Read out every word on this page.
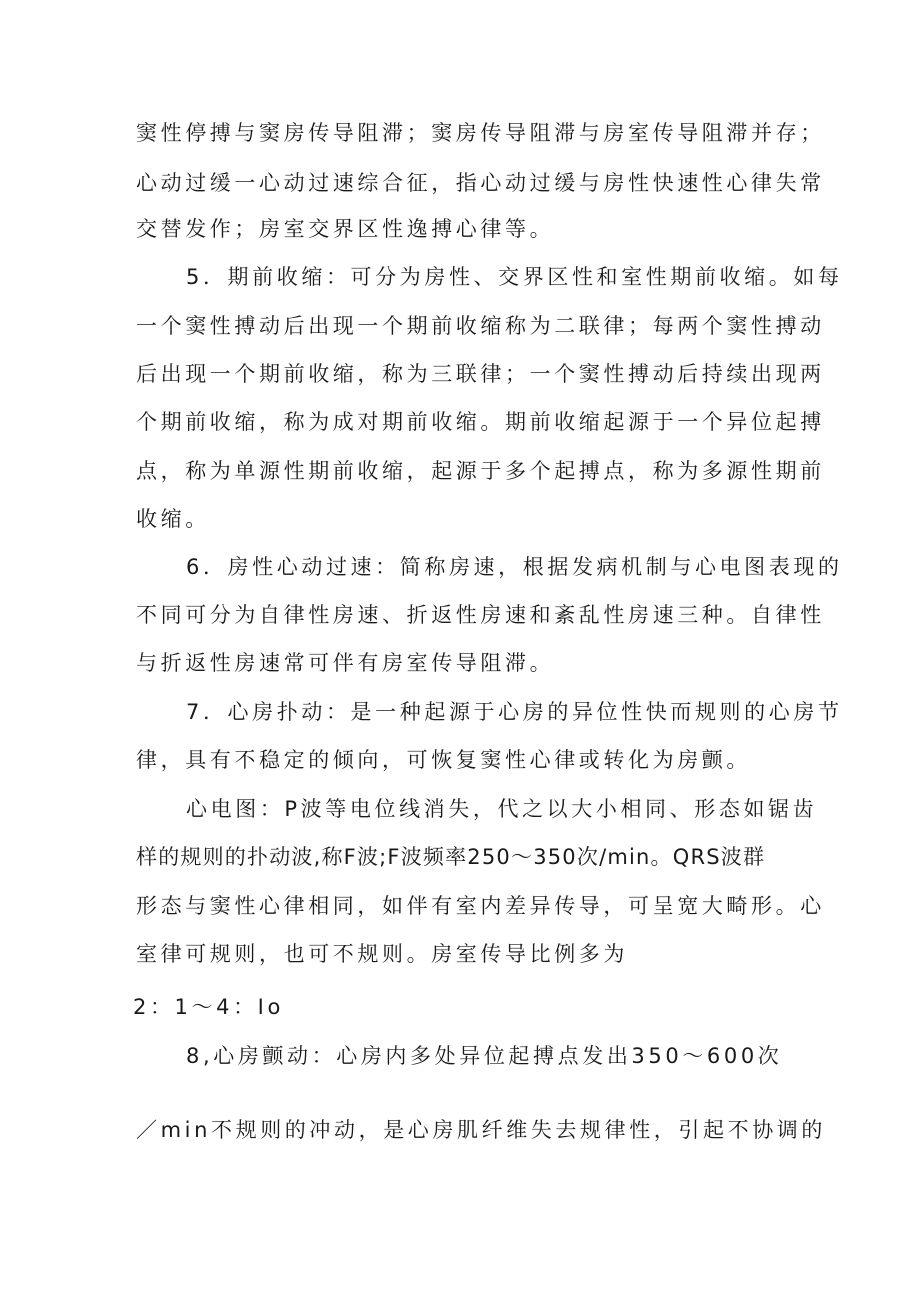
窦性停搏与窦房传导阻滞；窦房传导阻滞与房室传导阻滞并存；
心动过缓一心动过速综合征，指心动过缓与房性快速性心律失常
交替发作；房室交界区性逸搏心律等。
5．期前收缩：可分为房性、交界区性和室性期前收缩。如每
一个窦性搏动后出现一个期前收缩称为二联律；每两个窦性搏动
后出现一个期前收缩，称为三联律；一个窦性搏动后持续出现两
个期前收缩，称为成对期前收缩。期前收缩起源于一个异位起搏
点，称为单源性期前收缩，起源于多个起搏点，称为多源性期前
收缩。
6．房性心动过速：简称房速，根据发病机制与心电图表现的
不同可分为自律性房速、折返性房速和紊乱性房速三种。自律性
与折返性房速常可伴有房室传导阻滞。
7．心房扑动：是一种起源于心房的异位性快而规则的心房节
律，具有不稳定的倾向，可恢复窦性心律或转化为房颤。
心电图：P波等电位线消失，代之以大小相同、形态如锯齿
样的规则的扑动波,称F波;F波频率250～350次/min。QRS波群
形态与窦性心律相同，如伴有室内差异传导，可呈宽大畸形。心
室律可规则，也可不规则。房室传导比例多为
2：1～4：Io
8,心房颤动：心房内多处异位起搏点发出350～600次
／min不规则的冲动，是心房肌纤维失去规律性，引起不协调的
